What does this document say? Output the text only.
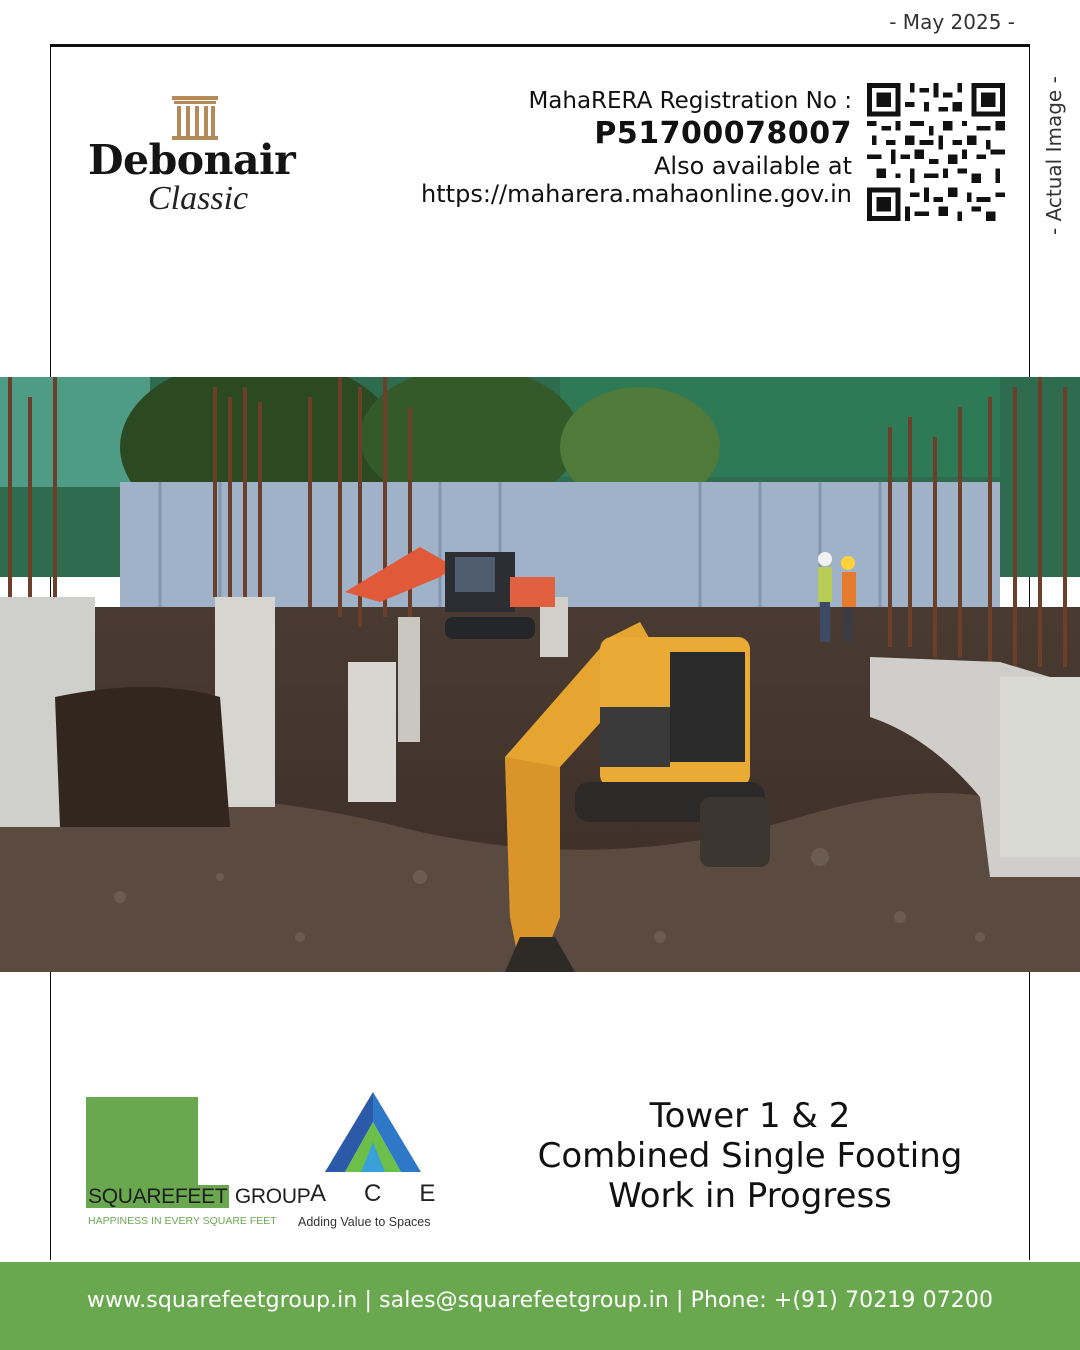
- May 2025 -
- Actual Image -
Debonair
Classic
MahaRERA Registration No :
P51700078007
Also available at
https://maharera.mahaonline.gov.in
SQUAREFEET GROUP
HAPPINESS IN EVERY SQUARE FEET
ACE
Adding Value to Spaces
Tower 1 & 2
Combined Single Footing
Work in Progress
www.squarefeetgroup.in | sales@squarefeetgroup.in | Phone: +(91) 70219 07200
